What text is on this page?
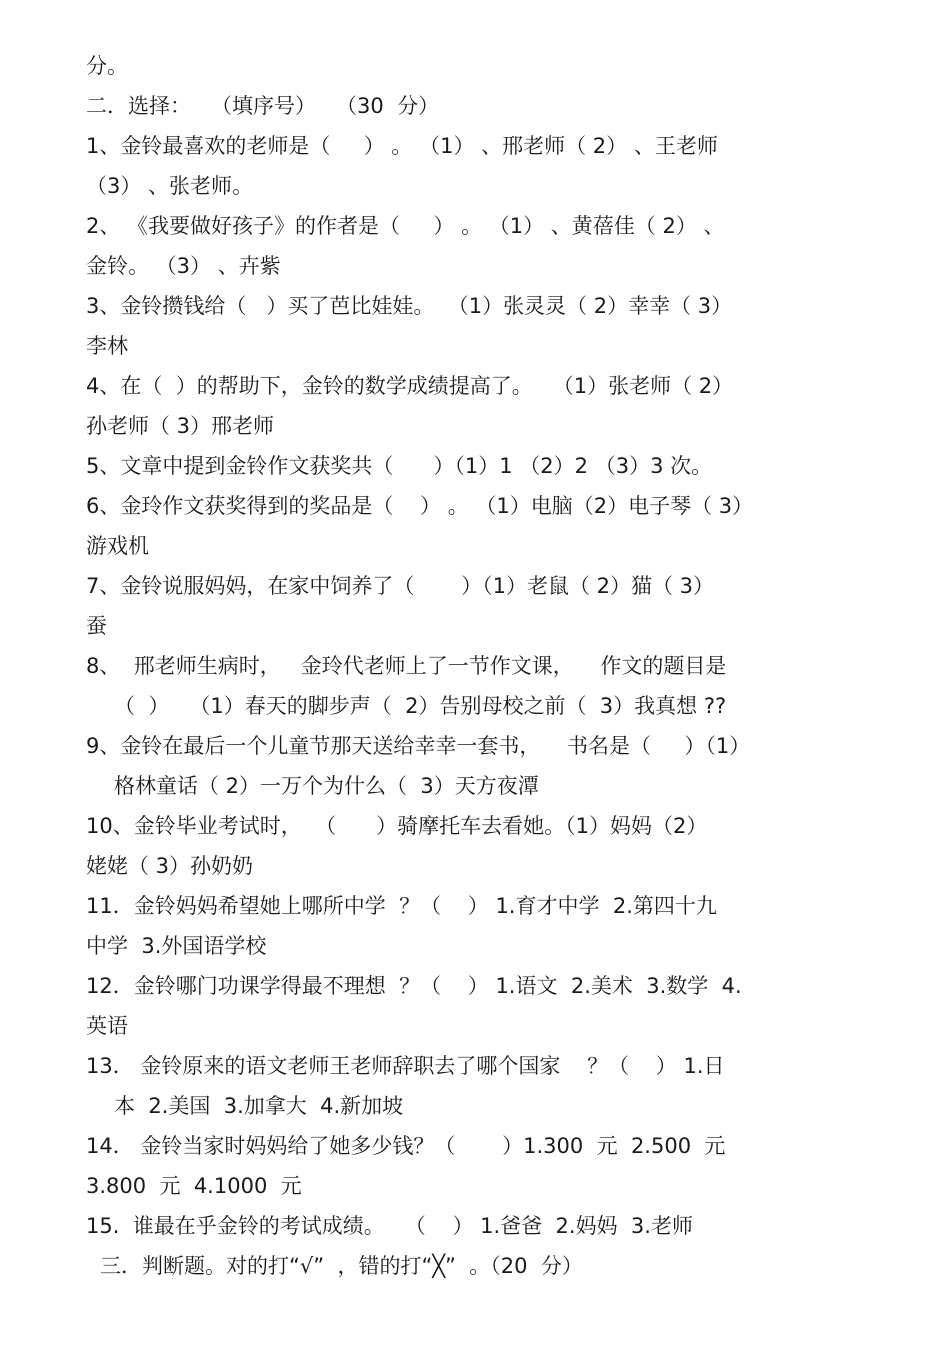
分。
二．选择：   （填序号）   （30  分）
1、金铃最喜欢的老师是（     ） 。 （1） 、邢老师（ 2） 、王老师
（3） 、张老师。
2、 《我要做好孩子》的作者是（     ） 。 （1） 、黄蓓佳（ 2） 、
金铃。 （3） 、卉紫
3、金铃攒钱给（   ）买了芭比娃娃。  （1）张灵灵（ 2）幸幸（ 3）
李林
4、在（  ）的帮助下，金铃的数学成绩提高了。   （1）张老师（ 2）
孙老师（ 3）邢老师
5、文章中提到金铃作文获奖共（      ）（1）1 （2）2 （3）3 次。
6、金玲作文获奖得到的奖品是（    ） 。 （1）电脑（2）电子琴（ 3）
游戏机
7、金铃说服妈妈，在家中饲养了（       ）（1）老鼠（ 2）猫（ 3）
蚕
8、  邢老师生病时，   金玲代老师上了一节作文课，    作文的题目是
（  ）   （1）春天的脚步声（  2）告别母校之前（  3）我真想 ??
9、金铃在最后一个儿童节那天送给幸幸一套书，    书名是（     ）（1）
格林童话（ 2）一万个为什么（  3）天方夜潭
10、金铃毕业考试时，  （      ）骑摩托车去看她。（1）妈妈（2）
姥姥（ 3）孙奶奶
11．金铃妈妈希望她上哪所中学  ？（    ） 1.育才中学  2.第四十九
中学  3.外国语学校
12．金铃哪门功课学得最不理想  ？（    ） 1.语文  2.美术  3.数学  4.
英语
13． 金铃原来的语文老师王老师辞职去了哪个国家    ？（    ） 1.日
本  2.美国  3.加拿大  4.新加坡
14． 金铃当家时妈妈给了她多少钱？（       ）1.300  元  2.500  元
3.800  元  4.1000  元
15.  谁最在乎金铃的考试成绩。   （    ） 1.爸爸  2.妈妈  3.老师
三．判断题。对的打“√”  ，错的打“╳”  。（20  分）
